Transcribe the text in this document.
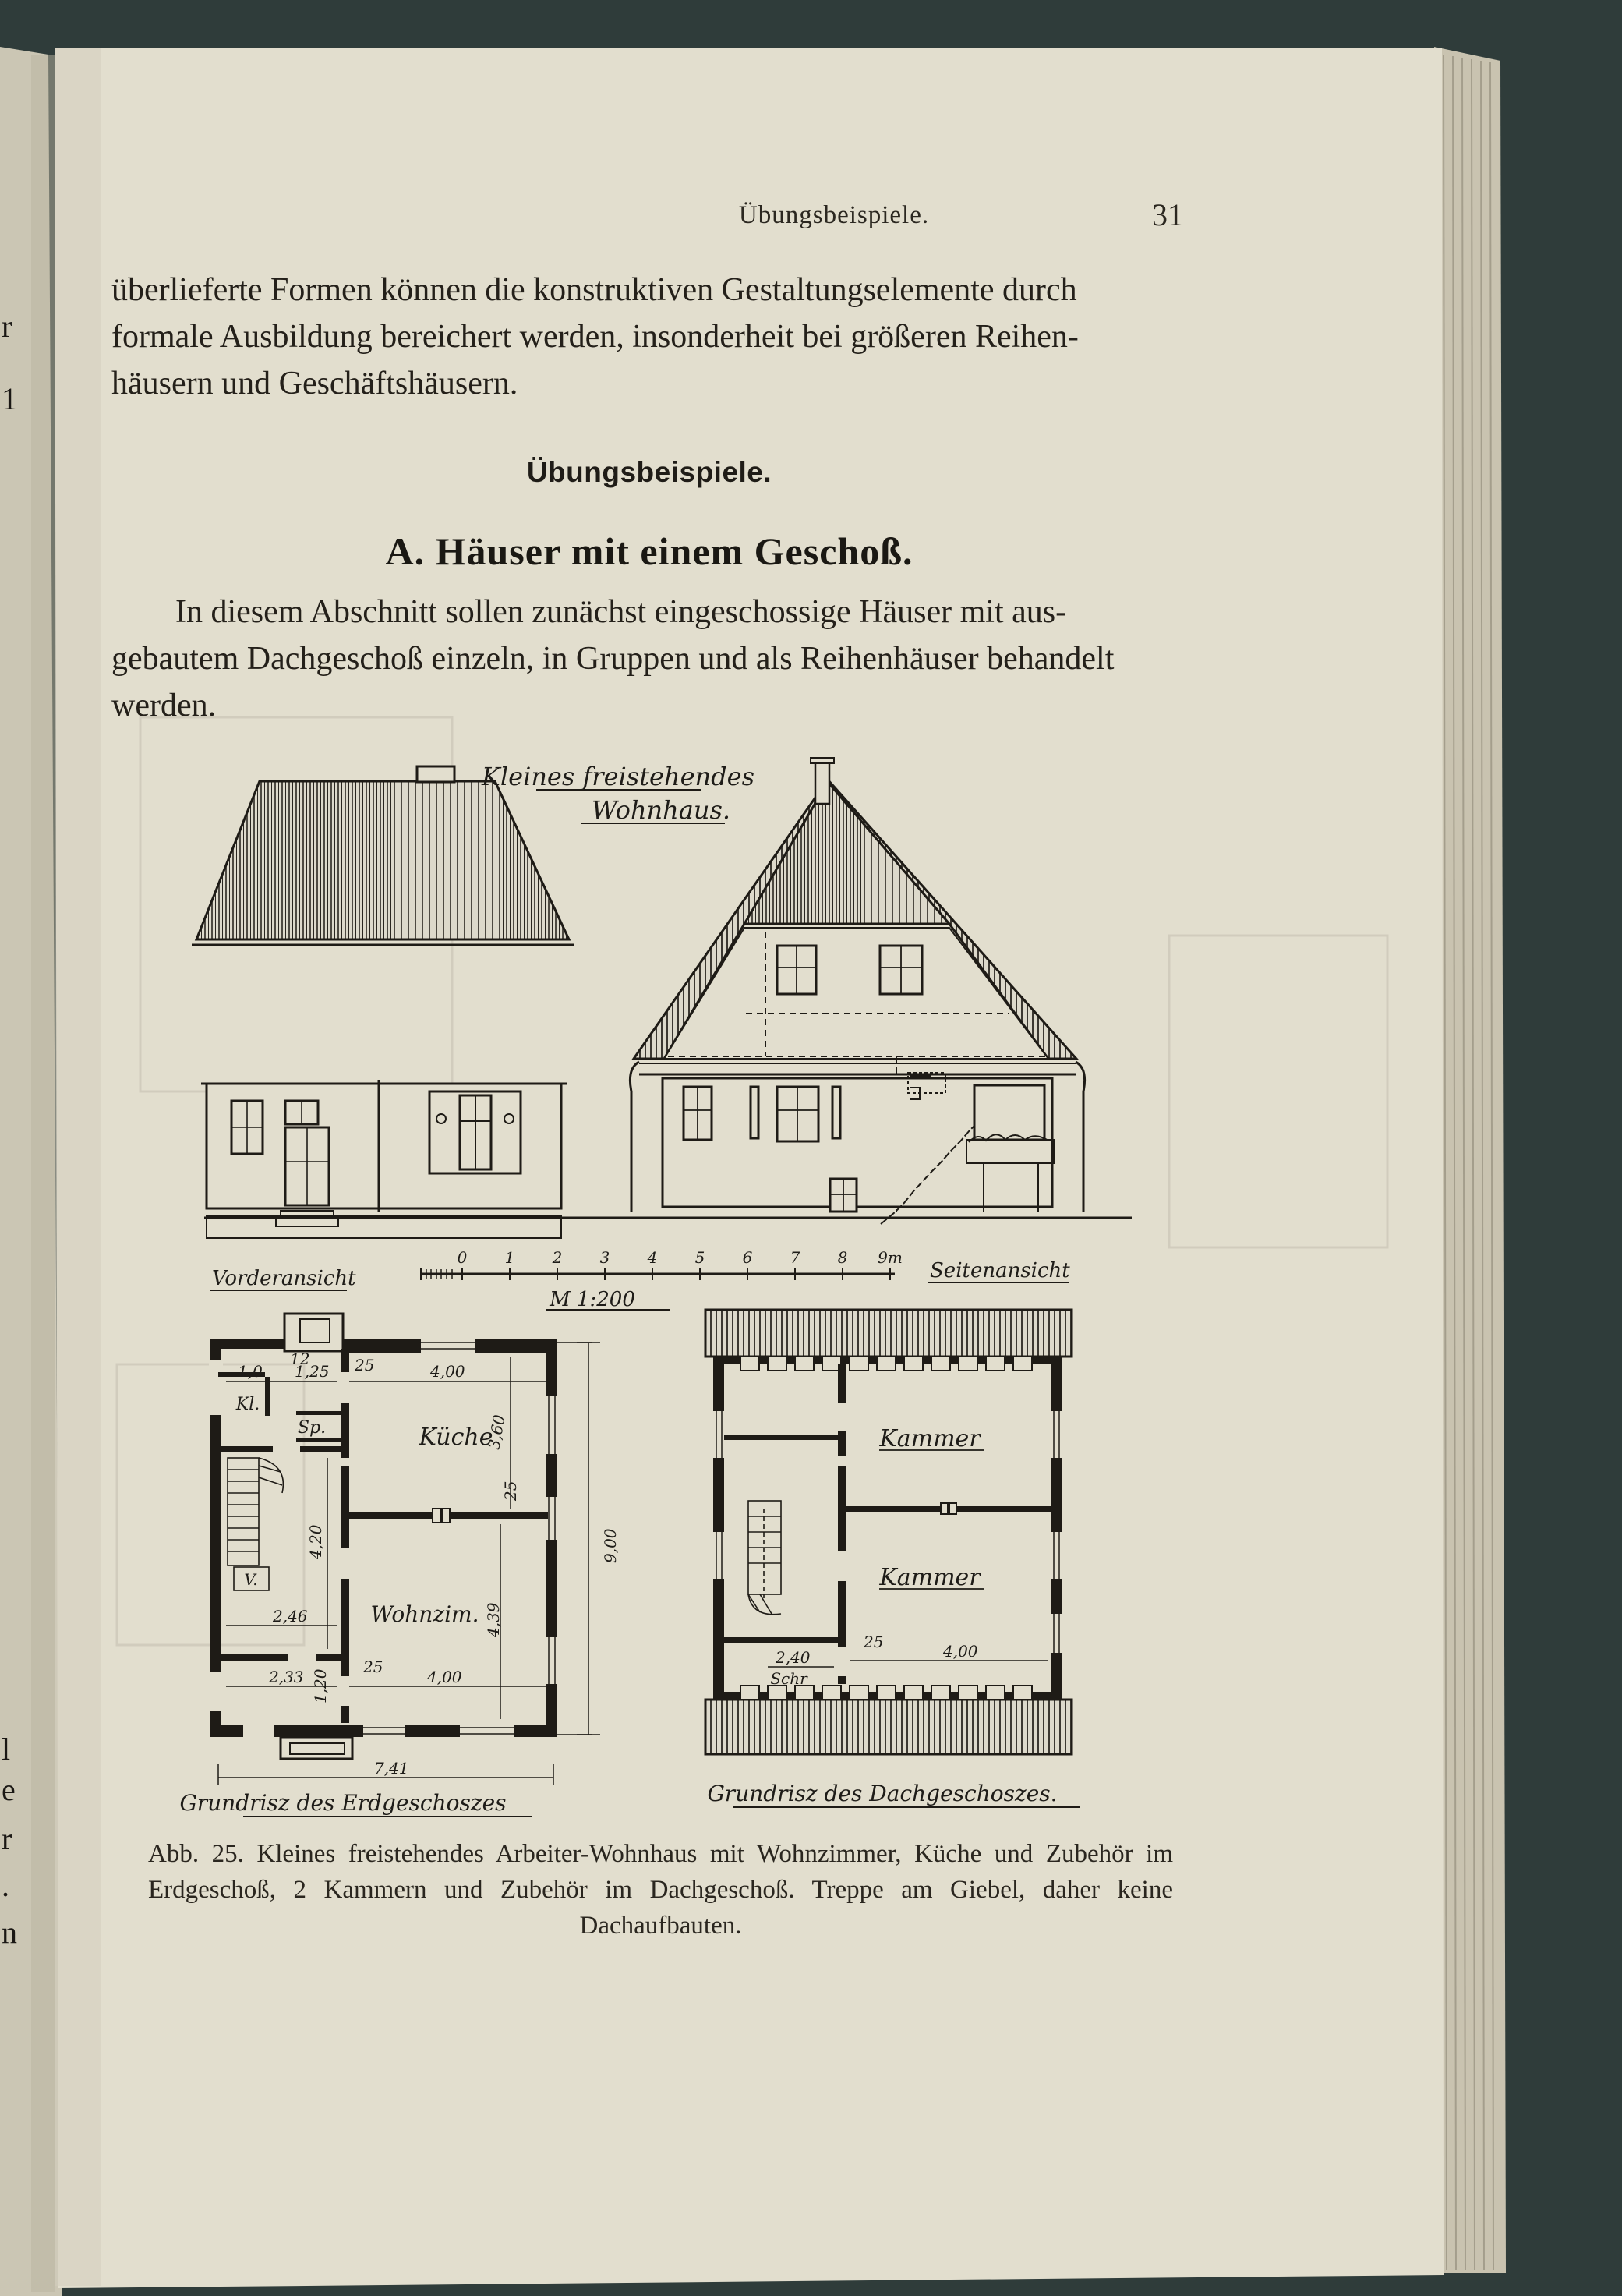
Kleines freistehendes
Wohnhaus.
Vorderansicht	Seitenansicht
0 1 2 3 4 5 6 7 8 9m
M 1:200
Küche
Wohnzim.
Kl.
Sp.
V.
1,0 1,25
12	25	4,00
3,60
25
4,20
4,39
2,46
2,33 1,20
25
4,00
7,41
9,00
Grundrisz des Erdgeschoszes
Kammer
Kammer
Schr
2,40
25	4,00
Grundrisz des Dachgeschoszes.
Übungsbeispiele.	31
überlieferte Formen können die konstruktiven Gestaltungselemente durch
formale Ausbildung bereichert werden, insonderheit bei größeren Reihen-
häusern und Geschäftshäusern.
Übungsbeispiele.
A. Häuser mit einem Geschoß.
In diesem Abschnitt sollen zunächst eingeschossige Häuser mit aus-
gebautem Dachgeschoß einzeln, in Gruppen und als Reihenhäuser behandelt
werden.
Abb. 25. Kleines freistehendes Arbeiter-Wohnhaus mit Wohnzimmer, Küche und Zubehör im Erdgeschoß, 2 Kammern und Zubehör im Dachgeschoß. Treppe am Giebel, daher keine Dachaufbauten.
r
1
l
e
r
.
n
